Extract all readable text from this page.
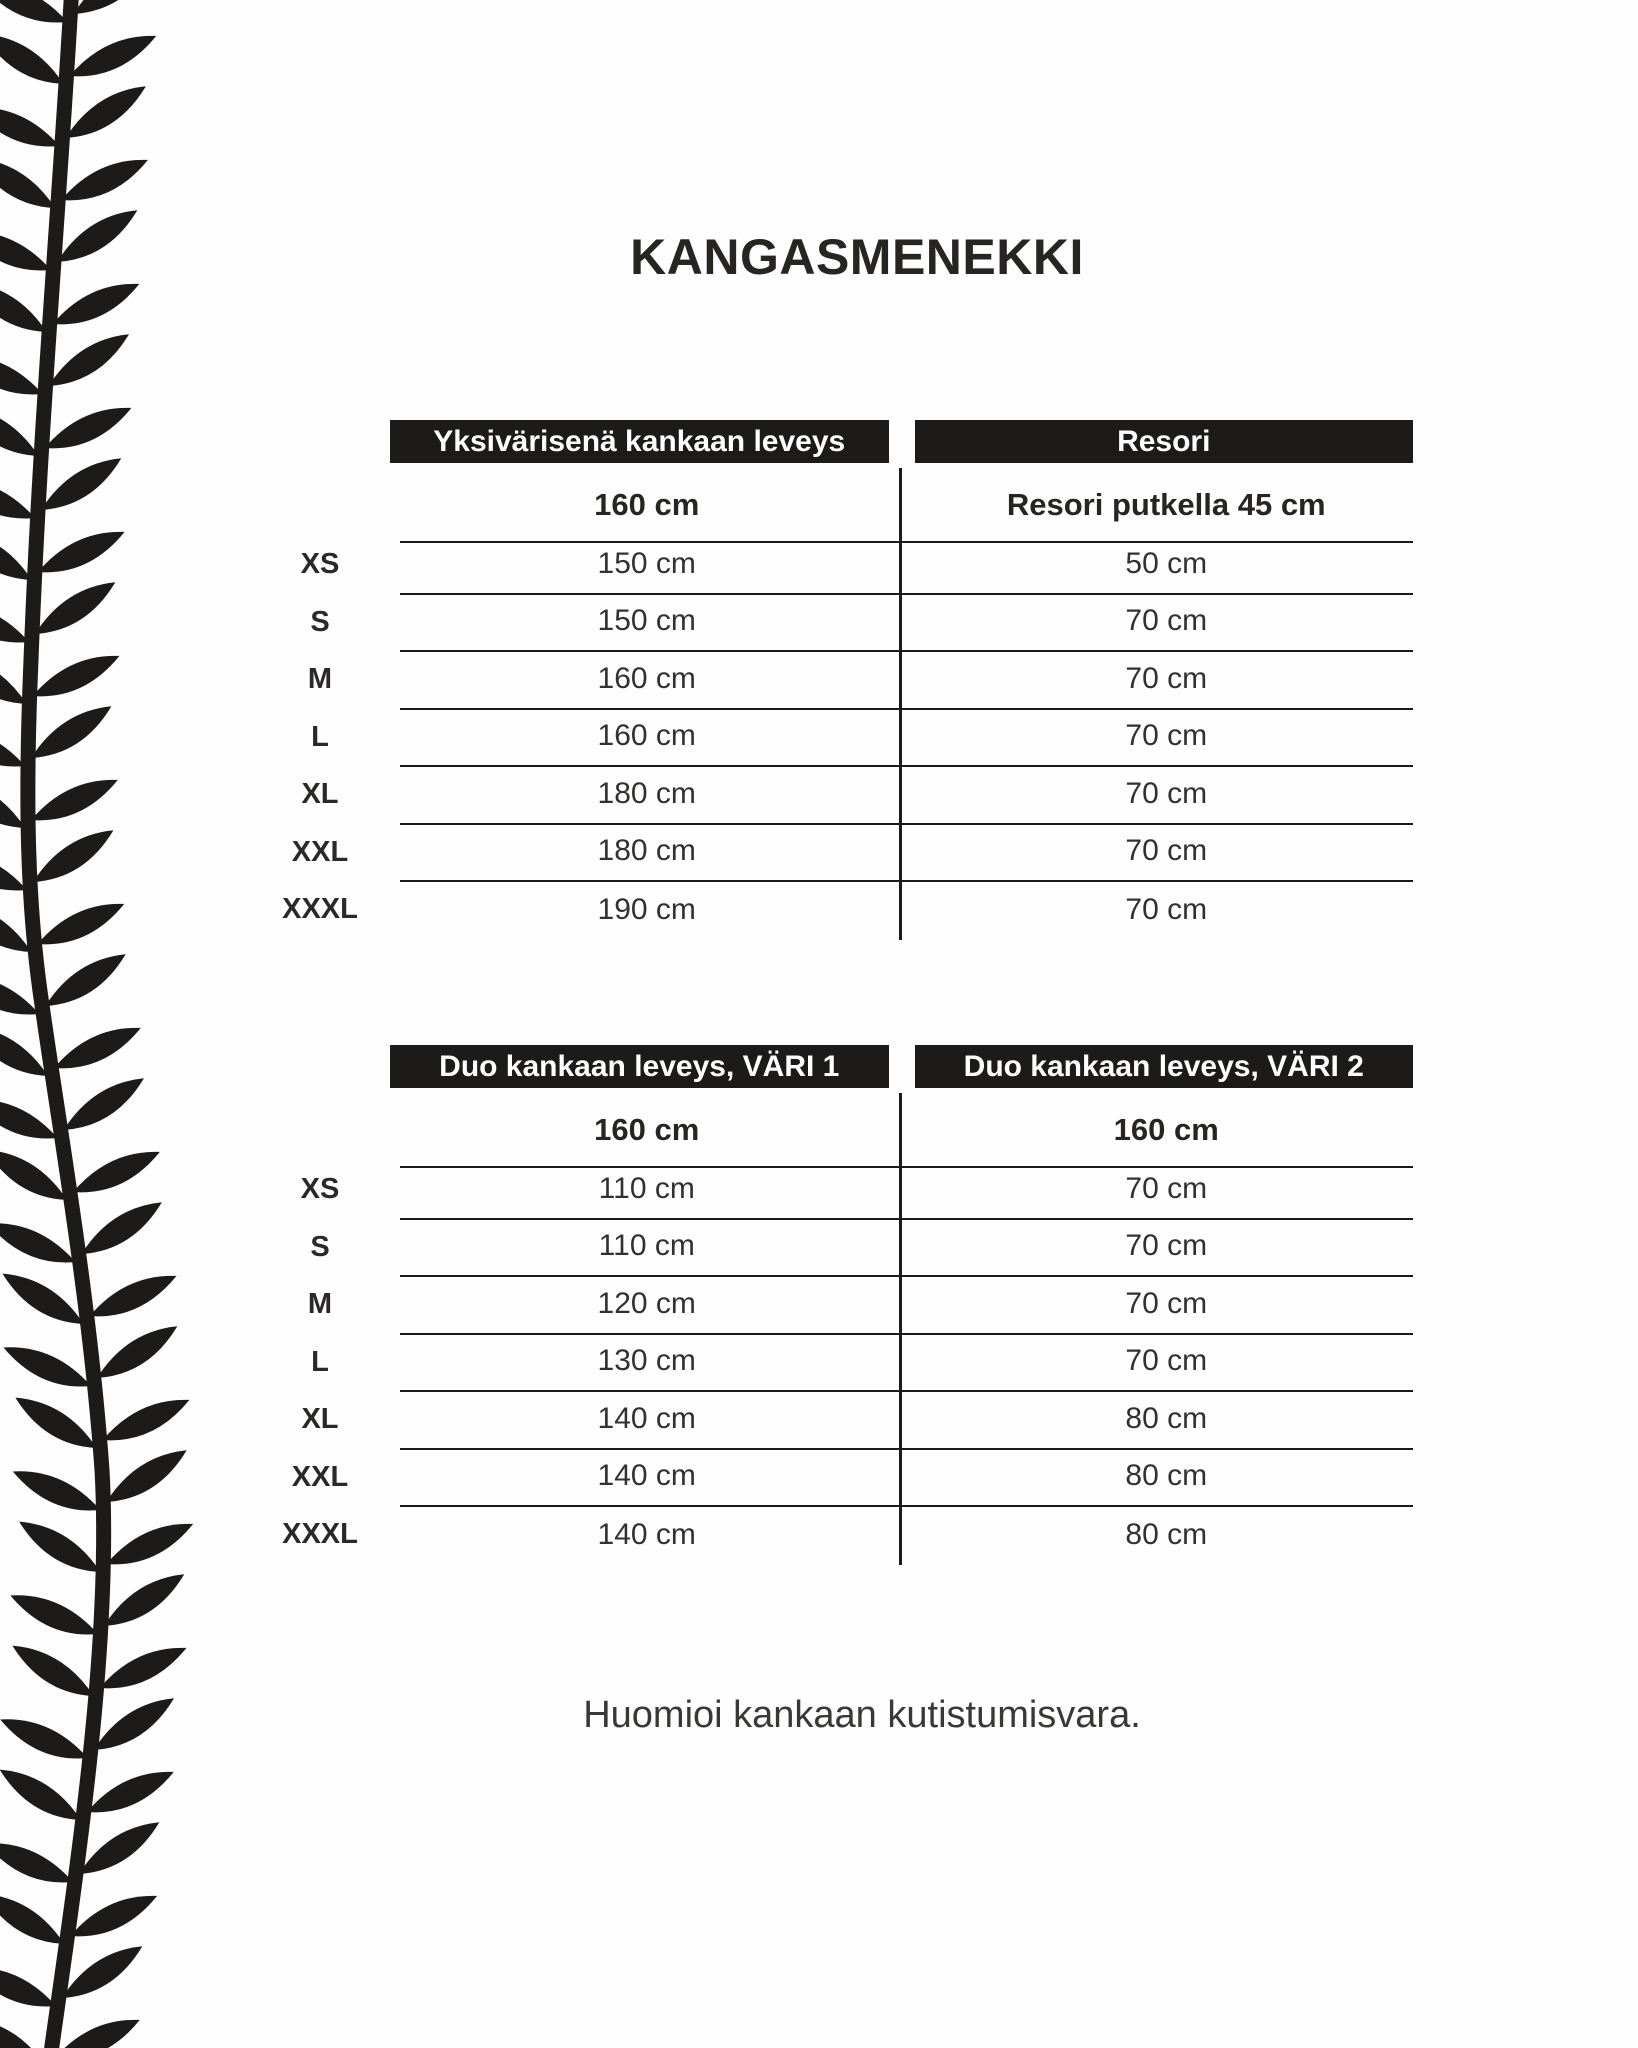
KANGASMENEKKI
Yksivärisenä kankaan leveys	Resori
160 cm	Resori putkella 45 cm
XS	150 cm	50 cm
S	150 cm	70 cm
M	160 cm	70 cm
L	160 cm	70 cm
XL	180 cm	70 cm
XXL	180 cm	70 cm
XXXL	190 cm	70 cm
Duo kankaan leveys, VÄRI 1	Duo kankaan leveys, VÄRI 2
160 cm	160 cm
XS	110 cm	70 cm
S	110 cm	70 cm
M	120 cm	70 cm
L	130 cm	70 cm
XL	140 cm	80 cm
XXL	140 cm	80 cm
XXXL	140 cm	80 cm

Huomioi kankaan kutistumisvara.
